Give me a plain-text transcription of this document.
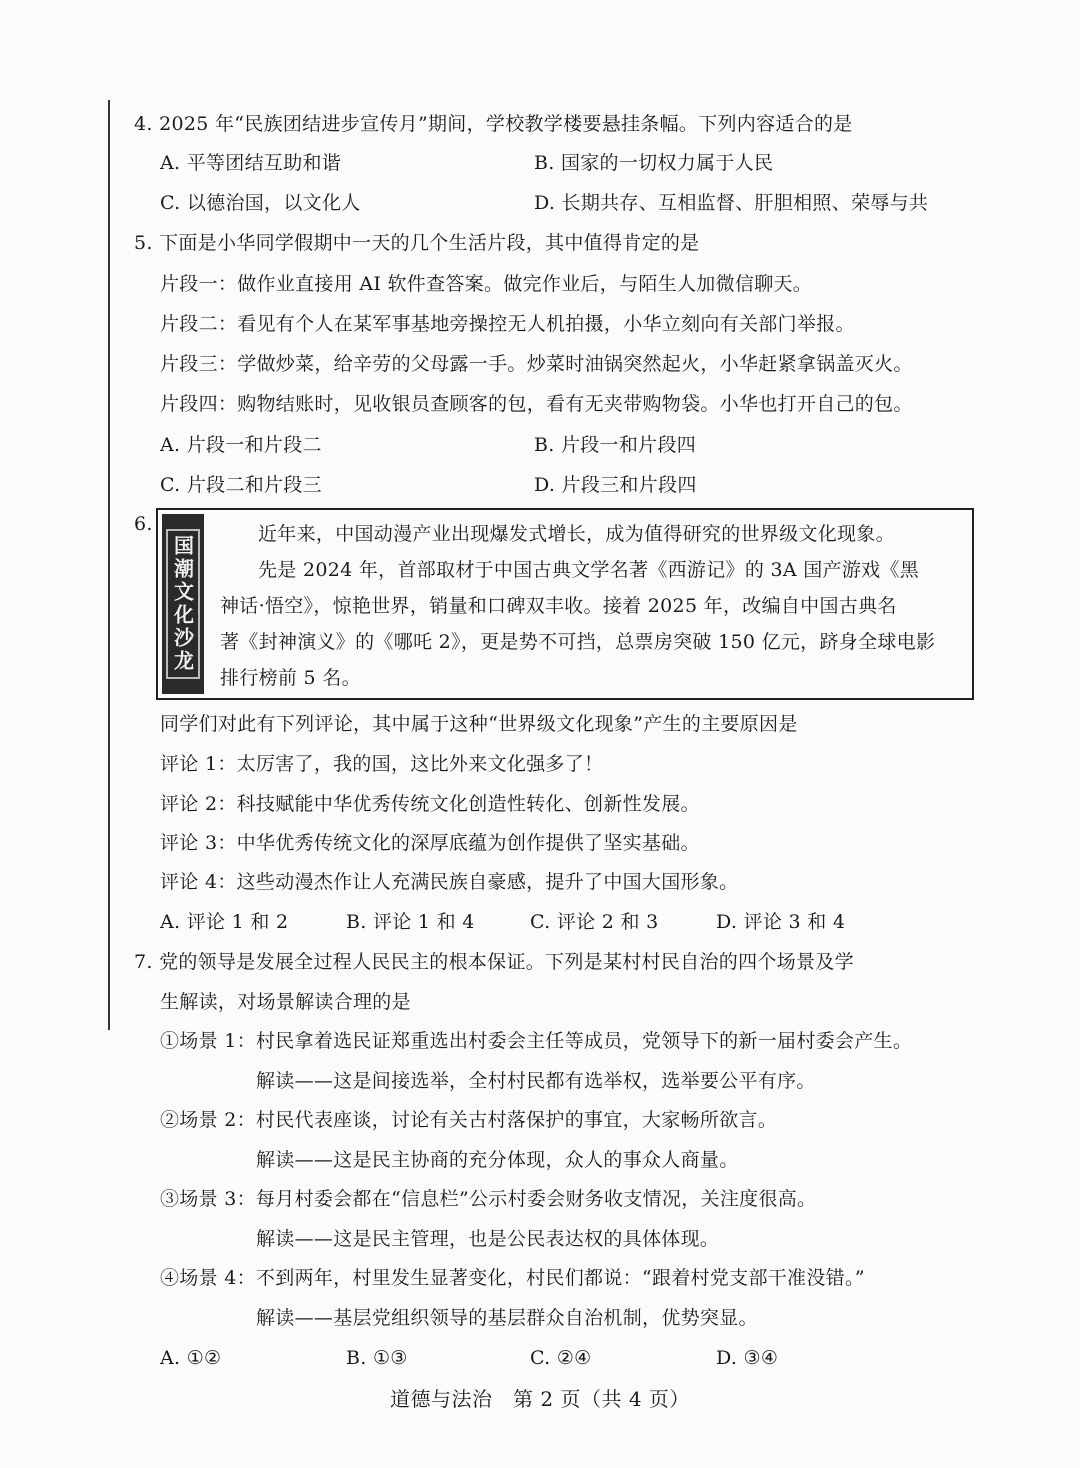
4. 2025 年“民族团结进步宣传月”期间，学校教学楼要悬挂条幅。下列内容适合的是
A. 平等团结互助和谐	B. 国家的一切权力属于人民
C. 以德治国，以文化人	D. 长期共存、互相监督、肝胆相照、荣辱与共
5. 下面是小华同学假期中一天的几个生活片段，其中值得肯定的是
片段一：做作业直接用 AI 软件查答案。做完作业后，与陌生人加微信聊天。
片段二：看见有个人在某军事基地旁操控无人机拍摄，小华立刻向有关部门举报。
片段三：学做炒菜，给辛劳的父母露一手。炒菜时油锅突然起火，小华赶紧拿锅盖灭火。
片段四：购物结账时，见收银员查顾客的包，看有无夹带购物袋。小华也打开自己的包。
A. 片段一和片段二	B. 片段一和片段四
C. 片段二和片段三	D. 片段三和片段四
6.
国潮文化沙龙

近年来，中国动漫产业出现爆发式增长，成为值得研究的世界级文化现象。

先是 2024 年，首部取材于中国古典文学名著《西游记》的 3A 国产游戏《黑

神话·悟空》，惊艳世界，销量和口碑双丰收。接着 2025 年，改编自中国古典名

著《封神演义》的《哪吒 2》，更是势不可挡，总票房突破 150 亿元，跻身全球电影

排行榜前 5 名。

同学们对此有下列评论，其中属于这种“世界级文化现象”产生的主要原因是
评论 1：太厉害了，我的国，这比外来文化强多了！
评论 2：科技赋能中华优秀传统文化创造性转化、创新性发展。
评论 3：中华优秀传统文化的深厚底蕴为创作提供了坚实基础。
评论 4：这些动漫杰作让人充满民族自豪感，提升了中国大国形象。
A. 评论 1 和 2	B. 评论 1 和 4	C. 评论 2 和 3	D. 评论 3 和 4
7. 党的领导是发展全过程人民民主的根本保证。下列是某村村民自治的四个场景及学
生解读，对场景解读合理的是
①场景 1：村民拿着选民证郑重选出村委会主任等成员，党领导下的新一届村委会产生。
解读——这是间接选举，全村村民都有选举权，选举要公平有序。
②场景 2：村民代表座谈，讨论有关古村落保护的事宜，大家畅所欲言。
解读——这是民主协商的充分体现，众人的事众人商量。
③场景 3：每月村委会都在“信息栏”公示村委会财务收支情况，关注度很高。
解读——这是民主管理，也是公民表达权的具体体现。
④场景 4：不到两年，村里发生显著变化，村民们都说：“跟着村党支部干准没错。”
解读——基层党组织领导的基层群众自治机制，优势突显。
A. ①②	B. ①③	C. ②④	D. ③④
道德与法治　第 2 页（共 4 页）
